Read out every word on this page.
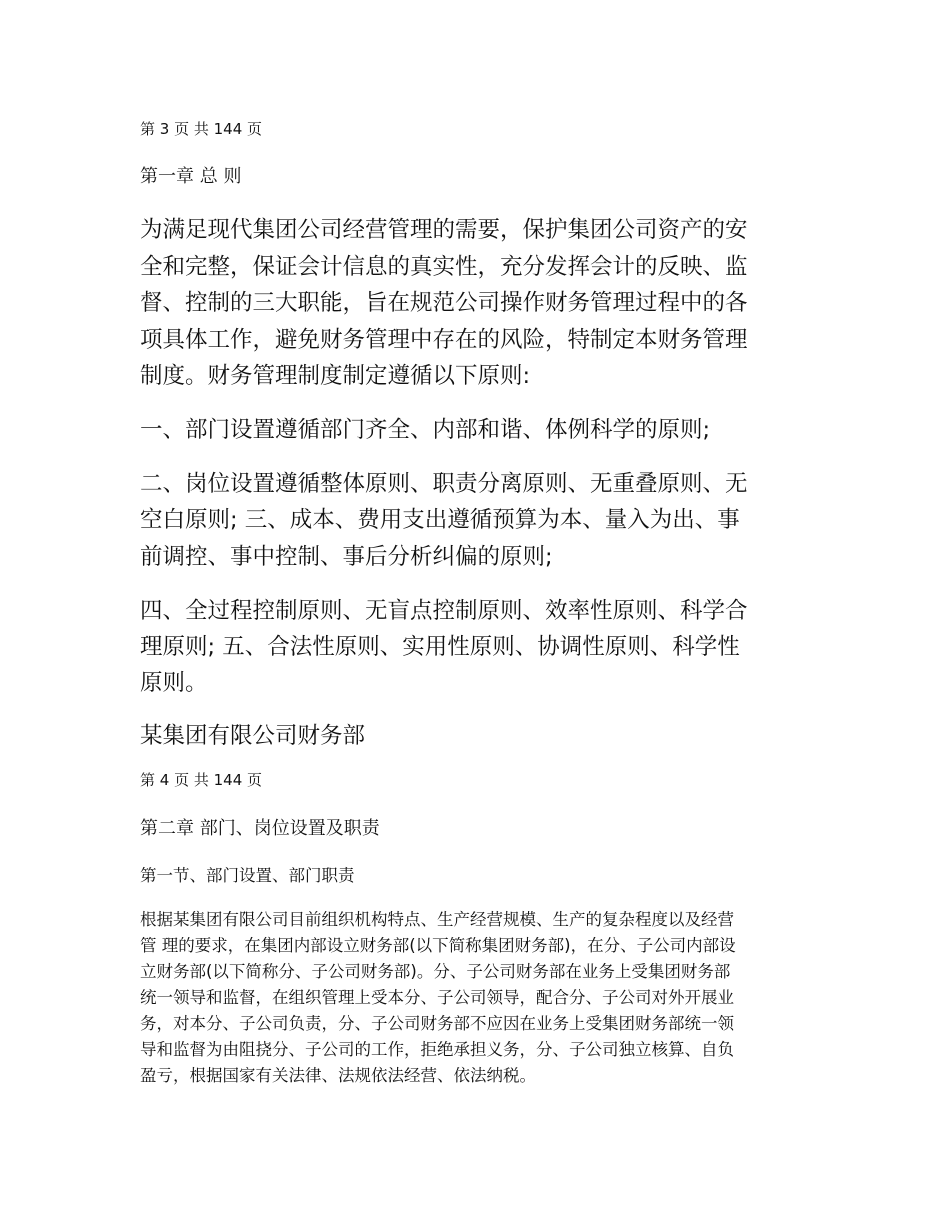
第 3 页 共 144 页
第一章 总 则
为满足现代集团公司经营管理的需要，保护集团公司资产的安
全和完整，保证会计信息的真实性，充分发挥会计的反映、监
督、控制的三大职能，旨在规范公司操作财务管理过程中的各
项具体工作，避免财务管理中存在的风险，特制定本财务管理
制度。财务管理制度制定遵循以下原则:
一、部门设置遵循部门齐全、内部和谐、体例科学的原则;
二、岗位设置遵循整体原则、职责分离原则、无重叠原则、无
空白原则; 三、成本、费用支出遵循预算为本、量入为出、事
前调控、事中控制、事后分析纠偏的原则;
四、全过程控制原则、无盲点控制原则、效率性原则、科学合
理原则; 五、合法性原则、实用性原则、协调性原则、科学性
原则。
某集团有限公司财务部
第 4 页 共 144 页
第二章 部门、岗位设置及职责
第一节、部门设置、部门职责
根据某集团有限公司目前组织机构特点、生产经营规模、生产的复杂程度以及经营
管 理的要求，在集团内部设立财务部(以下简称集团财务部)，在分、子公司内部设
立财务部(以下简称分、子公司财务部)。分、子公司财务部在业务上受集团财务部
统一领导和监督，在组织管理上受本分、子公司领导，配合分、子公司对外开展业
务，对本分、子公司负责，分、子公司财务部不应因在业务上受集团财务部统一领
导和监督为由阻挠分、子公司的工作，拒绝承担义务，分、子公司独立核算、自负
盈亏，根据国家有关法律、法规依法经营、依法纳税。
